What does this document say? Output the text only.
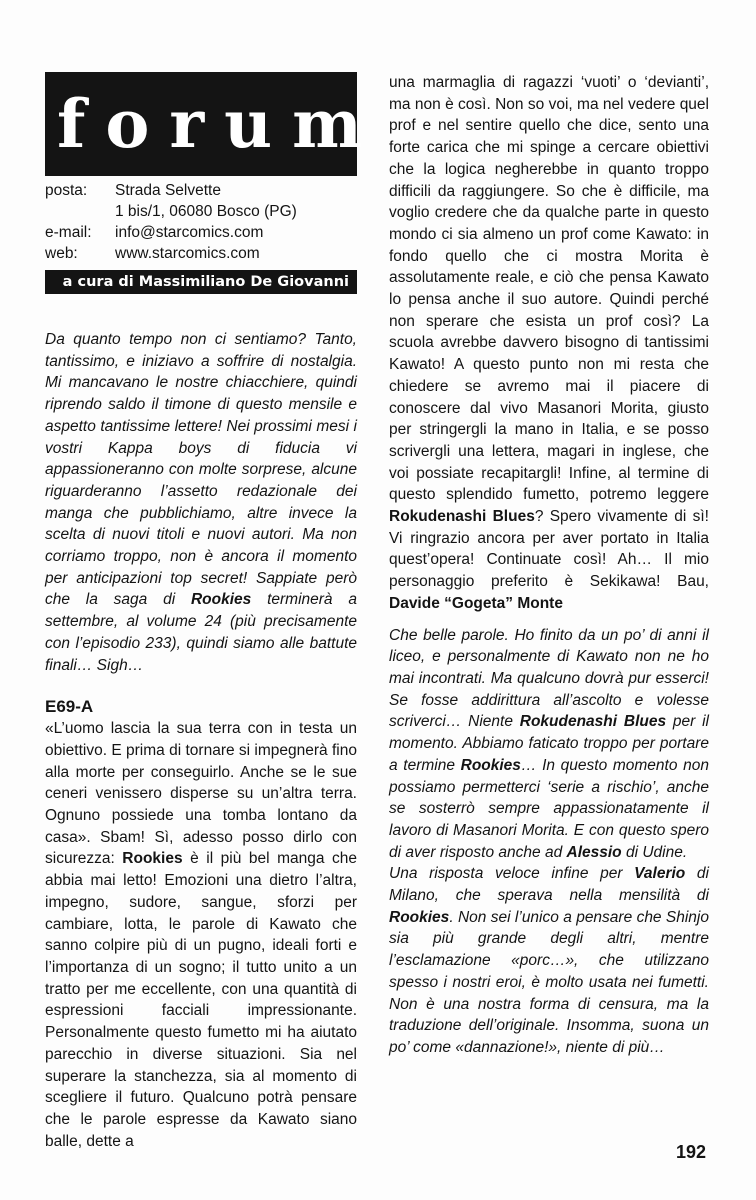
forum
posta:	Strada Selvette
1 bis/1, 06080 Bosco (PG)
e-mail:	info@starcomics.com
web:	www.starcomics.com
a cura di Massimiliano De Giovanni

Da quanto tempo non ci sentiamo? Tanto, tantissimo, e iniziavo a soffrire di nostalgia. Mi mancavano le nostre chiacchiere, quindi riprendo saldo il timone di questo mensile e aspetto tantissime lettere! Nei prossimi mesi i vostri Kappa boys di fiducia vi appassioneranno con molte sorprese, alcune riguarderanno l’assetto redazionale dei manga che pubblichiamo, altre invece la scelta di nuovi titoli e nuovi autori. Ma non corriamo troppo, non è ancora il momento per anticipazioni top secret! Sappiate però che la saga di Rookies terminerà a settembre, al volume 24 (più precisamente con l’episodio 233), quindi siamo alle battute finali… Sigh…

E69-A

«L’uomo lascia la sua terra con in testa un obiettivo. E prima di tornare si impegnerà fino alla morte per conseguirlo. Anche se le sue ceneri venissero disperse su un’altra terra. Ognuno possiede una tomba lontano da casa». Sbam! Sì, adesso posso dirlo con sicurezza: Rookies è il più bel manga che abbia mai letto! Emozioni una dietro l’altra, impegno, sudore, sangue, sforzi per cambiare, lotta, le parole di Kawato che sanno colpire più di un pugno, ideali forti e l’importanza di un sogno; il tutto unito a un tratto per me eccellente, con una quantità di espressioni facciali impressionante. Personalmente questo fumetto mi ha aiutato parecchio in diverse situazioni. Sia nel superare la stanchezza, sia al momento di scegliere il futuro. Qualcuno potrà pensare che le parole espresse da Kawato siano balle, dette a

una marmaglia di ragazzi ‘vuoti’ o ‘devianti’, ma non è così. Non so voi, ma nel vedere quel prof e nel sentire quello che dice, sento una forte carica che mi spinge a cercare obiettivi che la logica negherebbe in quanto troppo difficili da raggiungere. So che è difficile, ma voglio credere che da qualche parte in questo mondo ci sia almeno un prof come Kawato: in fondo quello che ci mostra Morita è assolutamente reale, e ciò che pensa Kawato lo pensa anche il suo autore. Quindi perché non sperare che esista un prof così? La scuola avrebbe davvero bisogno di tantissimi Kawato! A questo punto non mi resta che chiedere se avremo mai il piacere di conoscere dal vivo Masanori Morita, giusto per stringergli la mano in Italia, e se posso scrivergli una lettera, magari in inglese, che voi possiate recapitargli! Infine, al termine di questo splendido fumetto, potremo leggere Rokudenashi Blues? Spero vivamente di sì! Vi ringrazio ancora per aver portato in Italia quest’opera! Continuate così! Ah… Il mio personaggio preferito è Sekikawa! Bau, Davide “Gogeta” Monte

Che belle parole. Ho finito da un po’ di anni il liceo, e personalmente di Kawato non ne ho mai incontrati. Ma qualcuno dovrà pur esserci! Se fosse addirittura all’ascolto e volesse scriverci… Niente Rokudenashi Blues per il momento. Abbiamo faticato troppo per portare a termine Rookies… In questo momento non possiamo permetterci ‘serie a rischio’, anche se sosterrò sempre appassionatamente il lavoro di Masanori Morita. E con questo spero di aver risposto anche ad Alessio di Udine.

Una risposta veloce infine per Valerio di Milano, che sperava nella mensilità di Rookies. Non sei l’unico a pensare che Shinjo sia più grande degli altri, mentre l’esclamazione «porc…», che utilizzano spesso i nostri eroi, è molto usata nei fumetti. Non è una nostra forma di censura, ma la traduzione dell’originale. Insomma, suona un po’ come «dannazione!», niente di più…

192
